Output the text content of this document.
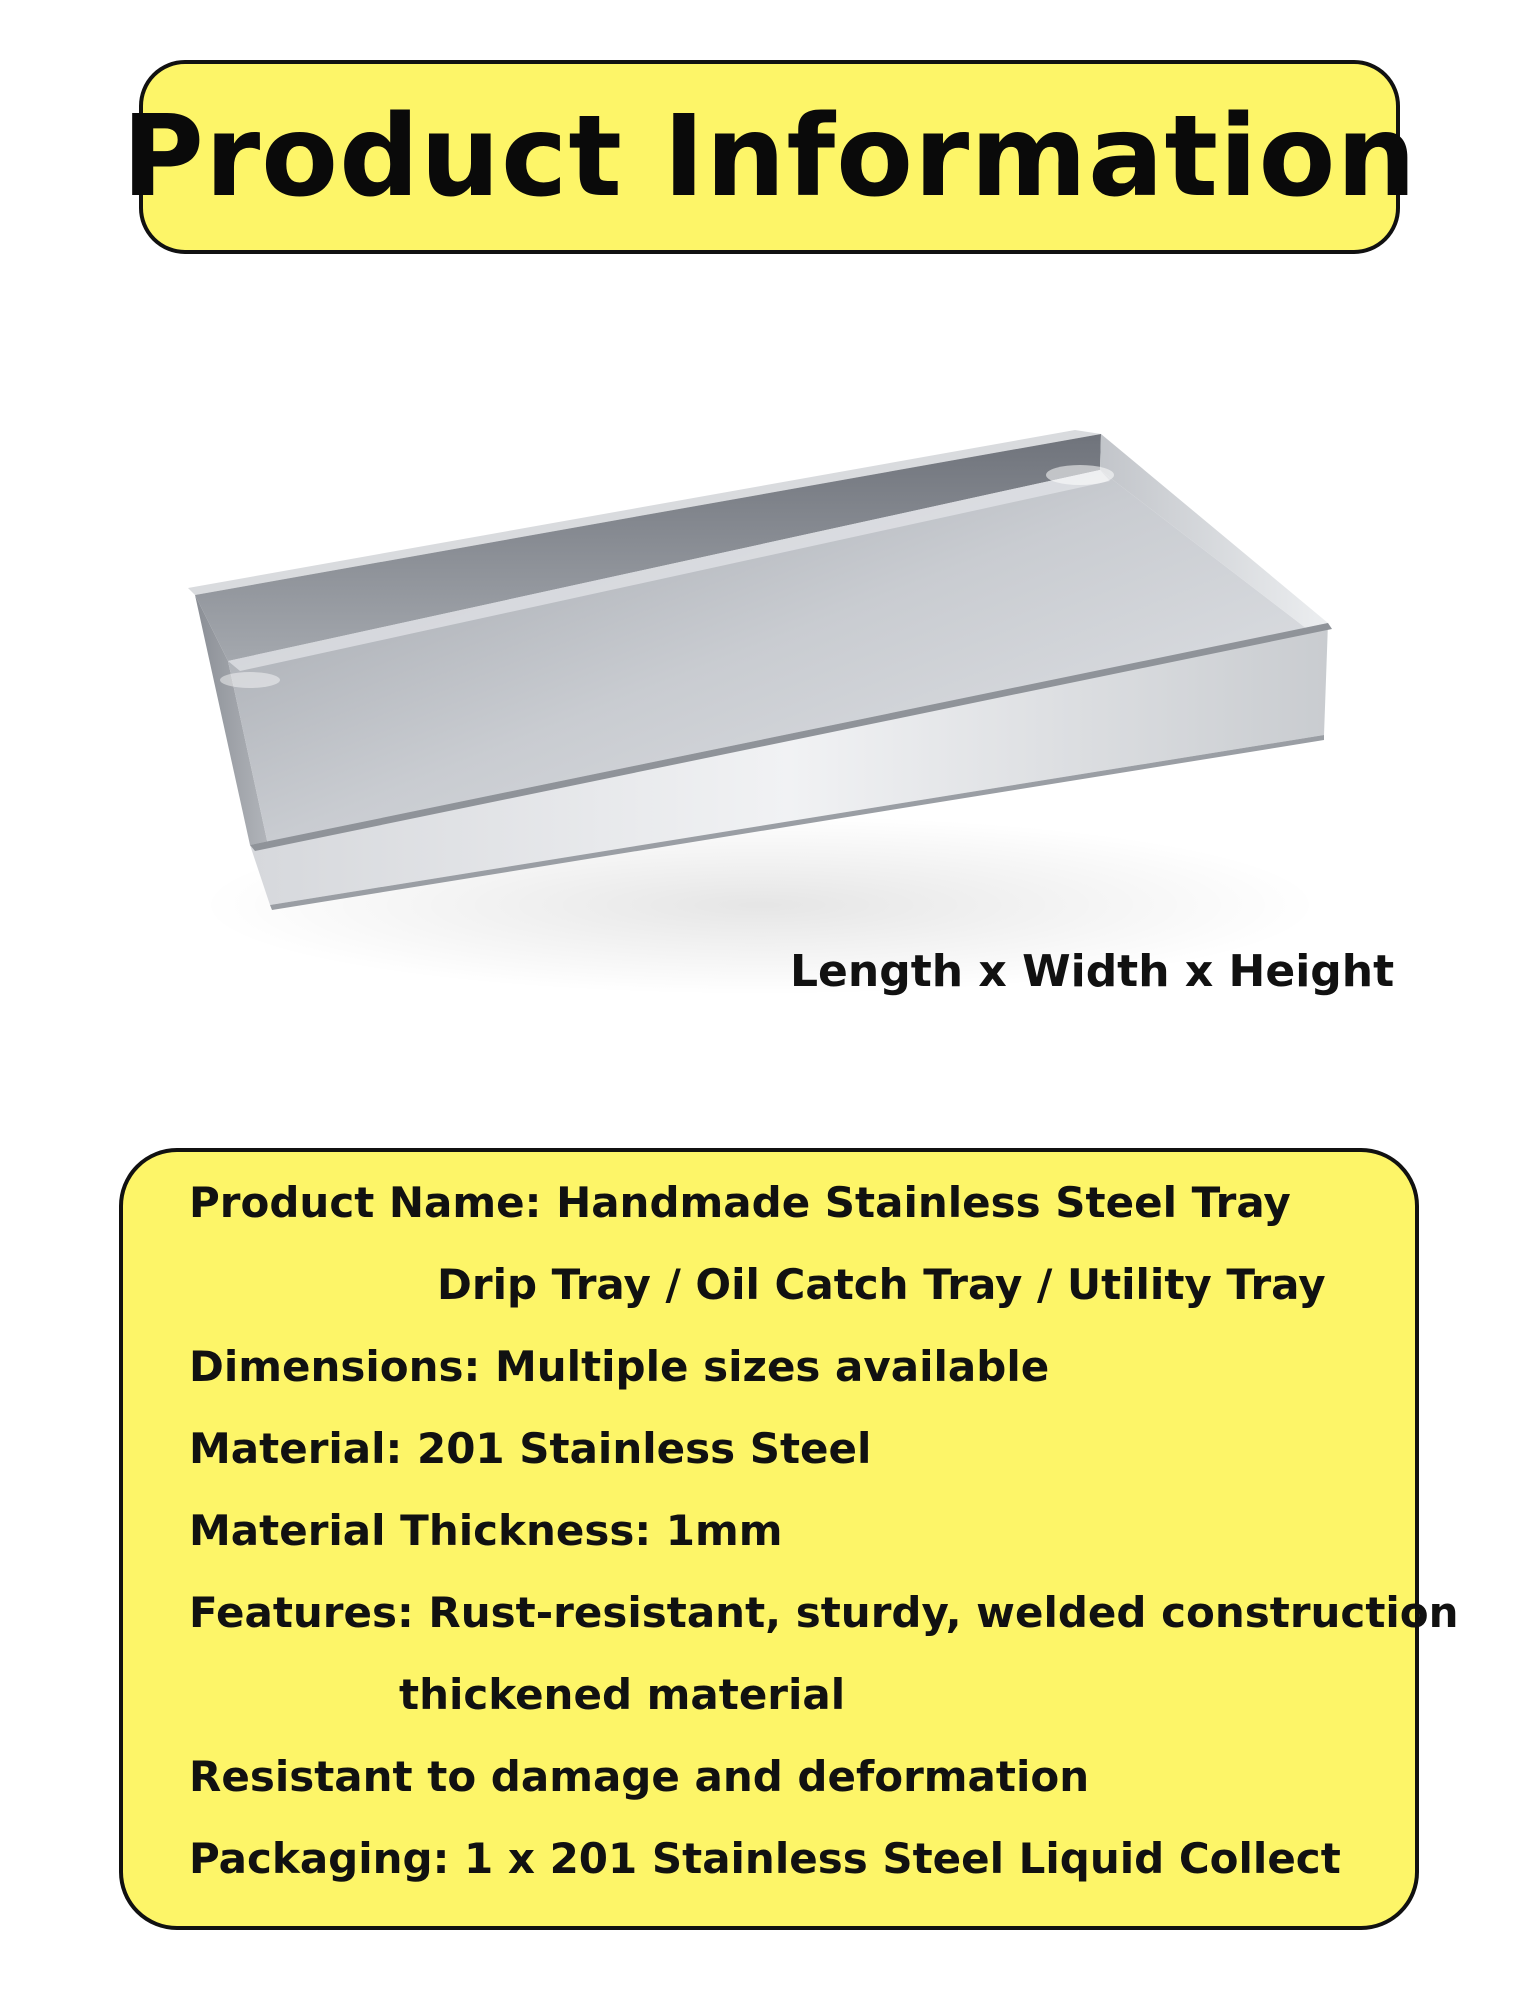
Product Information
Length x Width x Height
Product Name: Handmade Stainless Steel Tray
Drip Tray / Oil Catch Tray / Utility Tray
Dimensions: Multiple sizes available
Material: 201 Stainless Steel
Material Thickness: 1mm
Features: Rust-resistant, sturdy, welded construction
thickened material
Resistant to damage and deformation
Packaging: 1 x 201 Stainless Steel Liquid Collect
